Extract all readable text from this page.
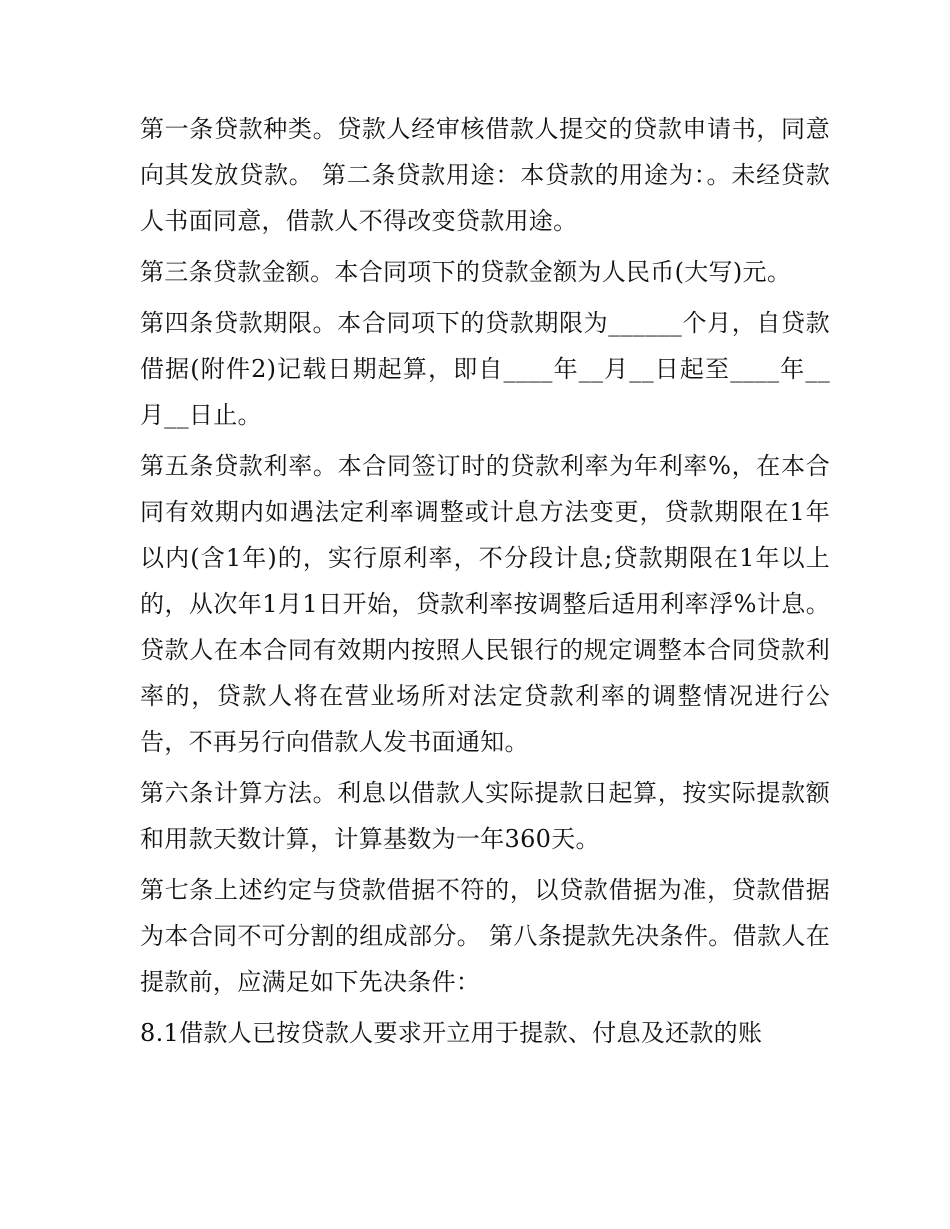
第一条贷款种类。贷款人经审核借款人提交的贷款申请书，同意向其发放贷款。 第二条贷款用途：本贷款的用途为：。未经贷款人书面同意，借款人不得改变贷款用途。

第三条贷款金额。本合同项下的贷款金额为人民币(大写)元。

第四条贷款期限。本合同项下的贷款期限为______个月，自贷款借据(附件2)记载日期起算，即自____年__月__日起至____年__月__日止。

第五条贷款利率。本合同签订时的贷款利率为年利率%，在本合同有效期内如遇法定利率调整或计息方法变更，贷款期限在1年以内(含1年)的，实行原利率，不分段计息;贷款期限在1年以上的，从次年1月1日开始，贷款利率按调整后适用利率浮%计息。贷款人在本合同有效期内按照人民银行的规定调整本合同贷款利率的，贷款人将在营业场所对法定贷款利率的调整情况进行公告，不再另行向借款人发书面通知。

第六条计算方法。利息以借款人实际提款日起算，按实际提款额和用款天数计算，计算基数为一年360天。

第七条上述约定与贷款借据不符的，以贷款借据为准，贷款借据为本合同不可分割的组成部分。 第八条提款先决条件。借款人在提款前，应满足如下先决条件：

8.1借款人已按贷款人要求开立用于提款、付息及还款的账
